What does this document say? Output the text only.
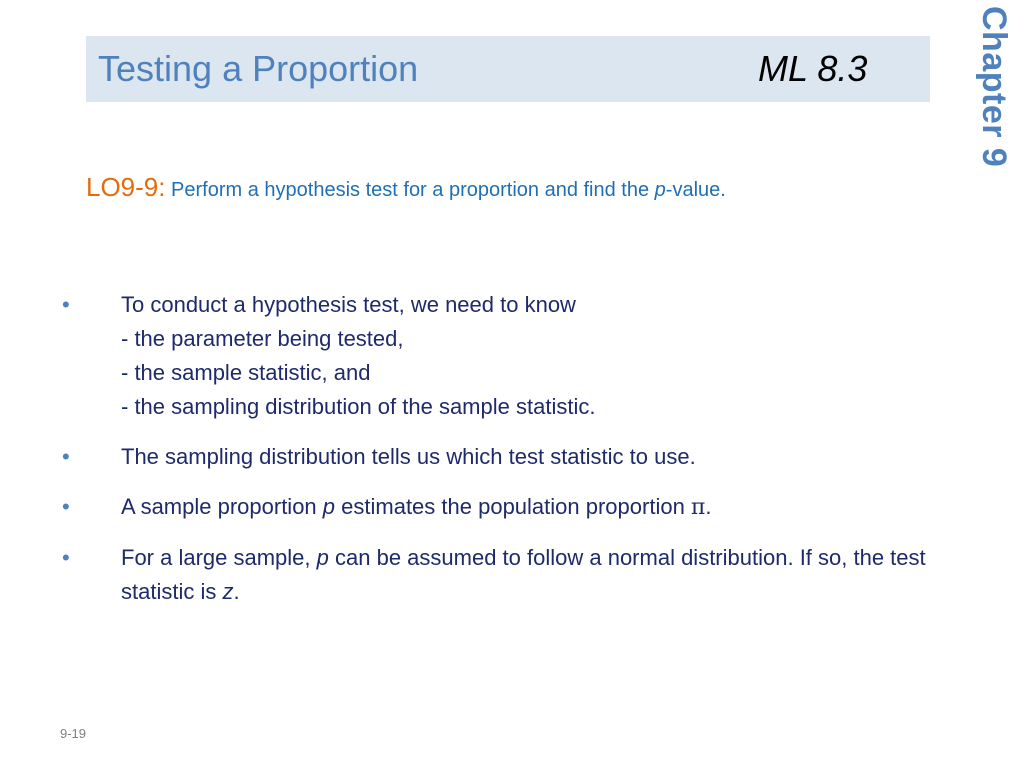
Testing a Proportion	ML 8.3	Chapter 9
LO9-9: Perform a hypothesis test for a proportion and find the p-value.
• To conduct a hypothesis test, we need to know
- the parameter being tested,
- the sample statistic, and
- the sampling distribution of the sample statistic.
• The sampling distribution tells us which test statistic to use.
• A sample proportion p estimates the population proportion π.
• For a large sample, p can be assumed to follow a normal distribution. If so, the test statistic is z.
9-19
